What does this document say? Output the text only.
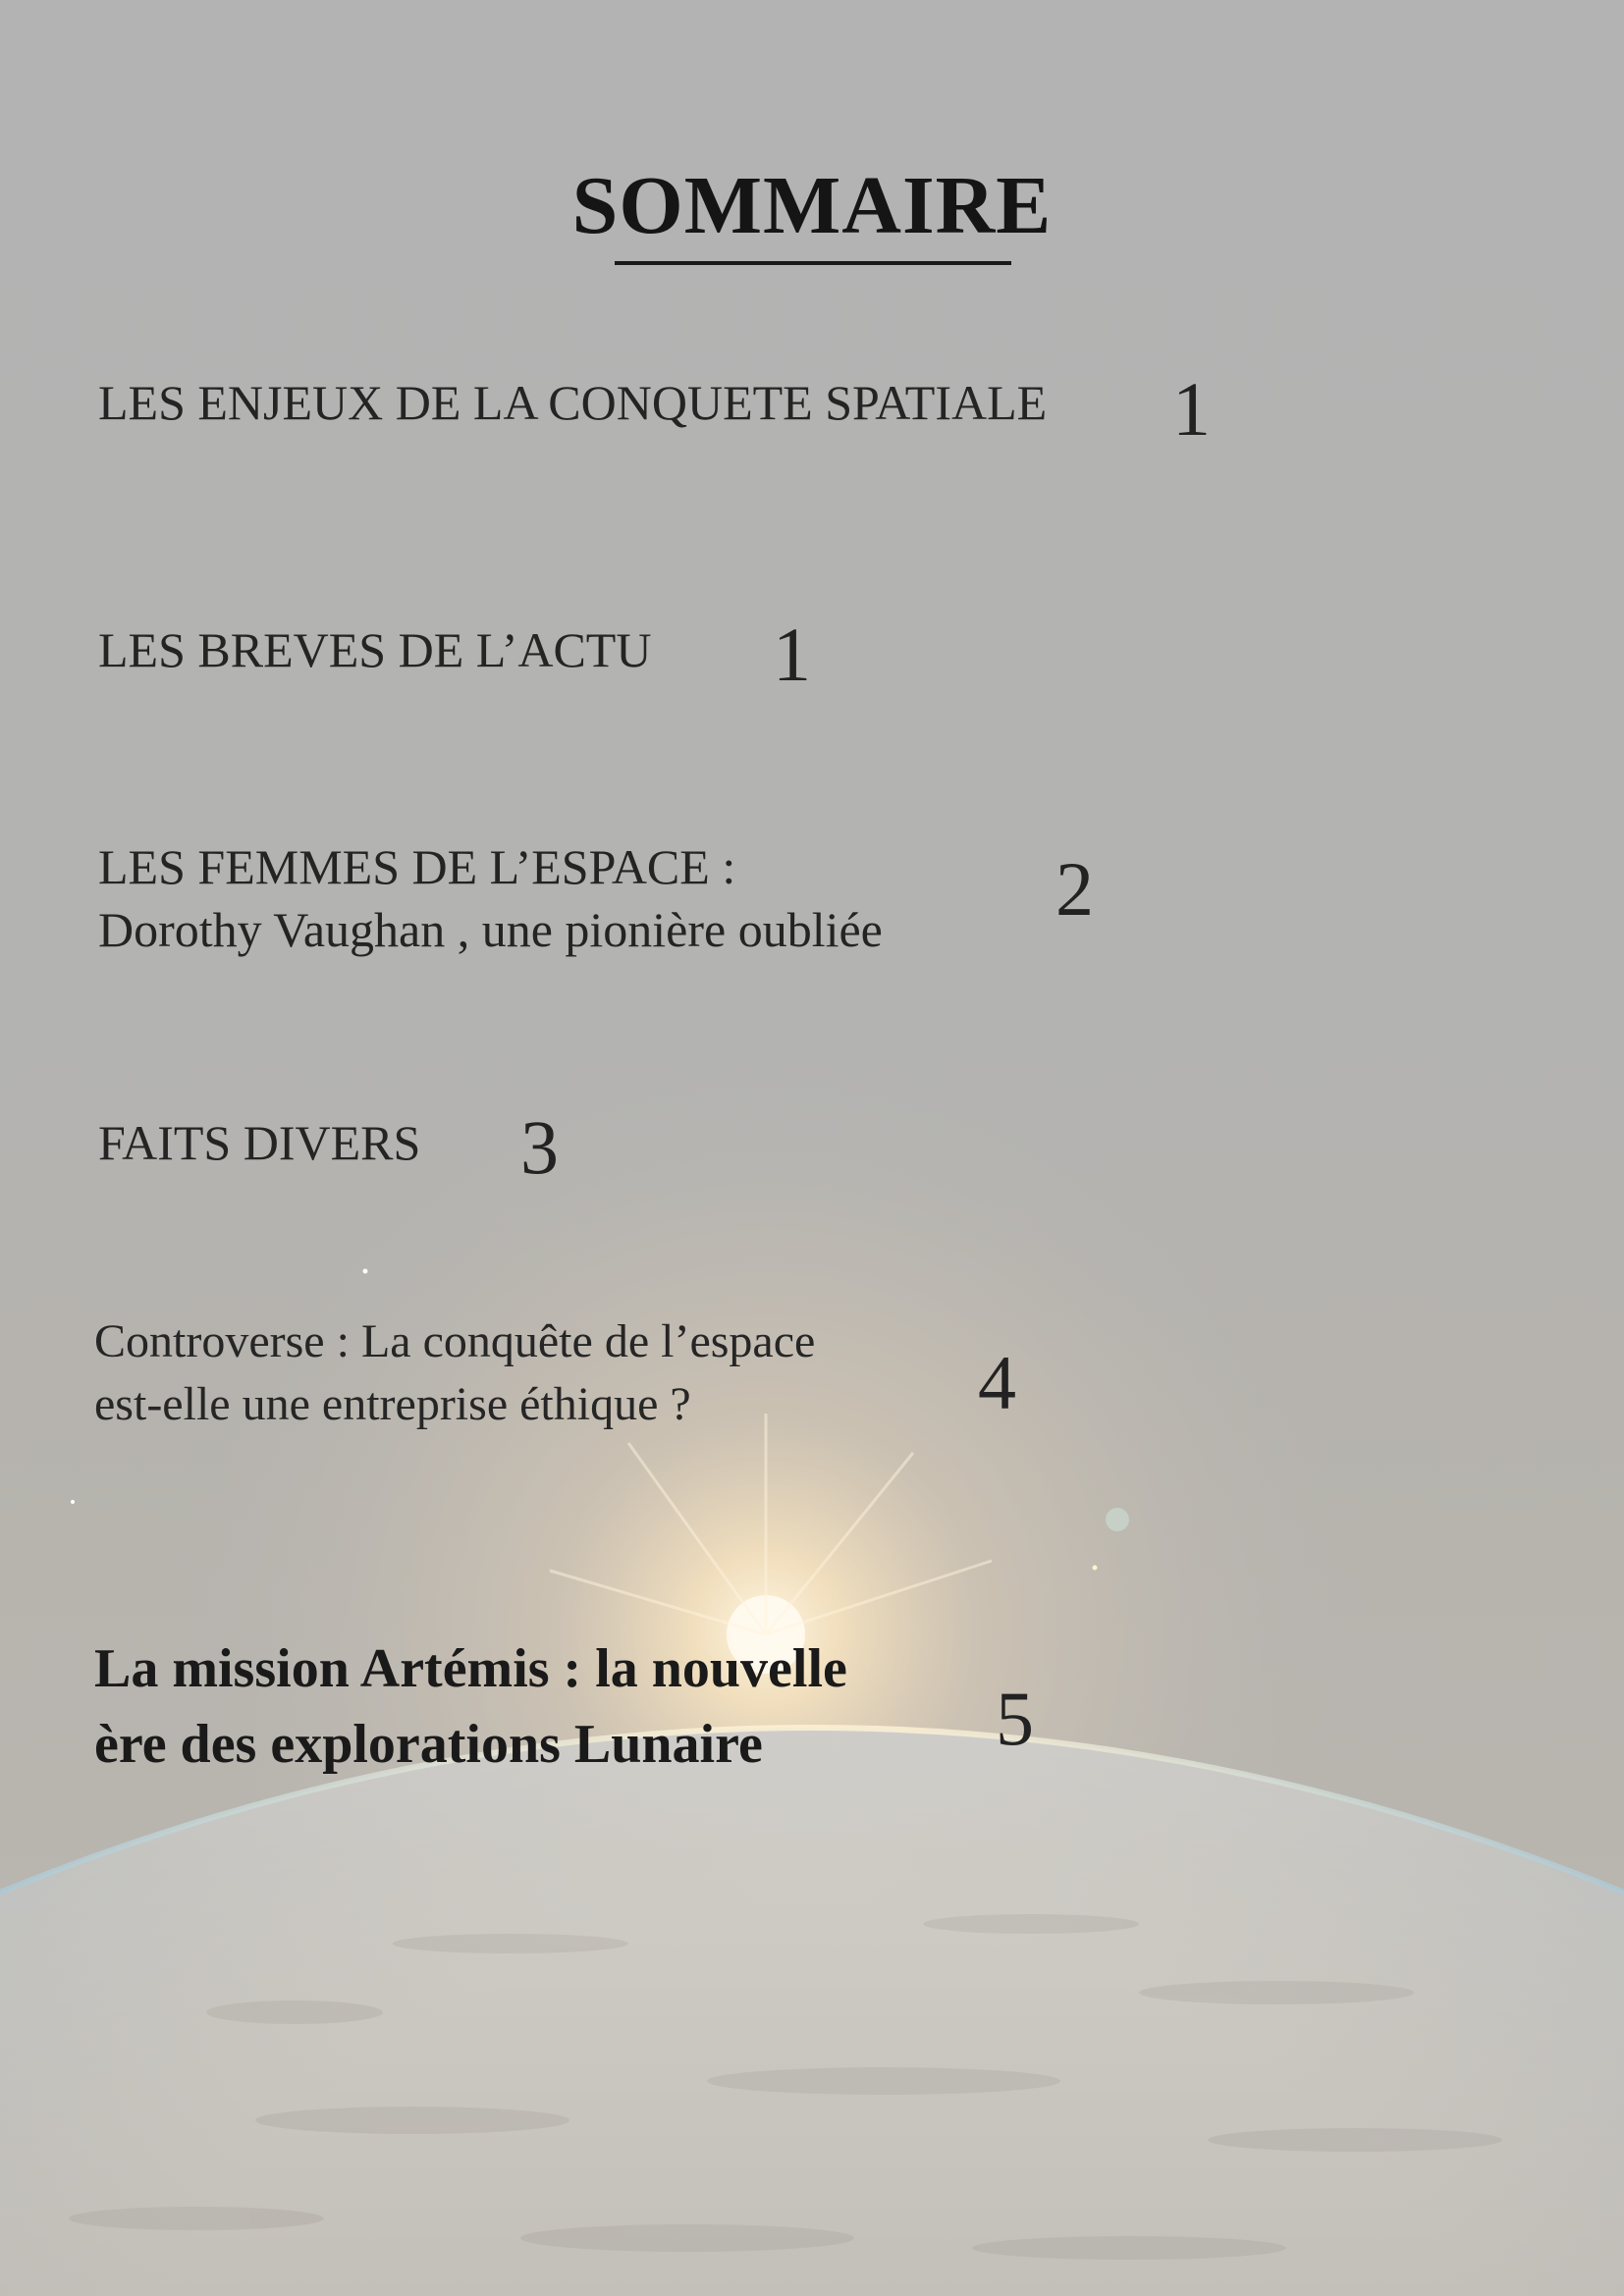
SOMMAIRE
LES ENJEUX DE LA CONQUETE SPATIALE 1
LES BREVES DE L’ACTU 1
LES FEMMES DE L’ESPACE :
Dorothy Vaughan , une pionière oubliée 2
FAITS DIVERS 3
Controverse : La conquête de l’espace
est-elle une entreprise éthique ?	4
La mission Artémis : la nouvelle
ère des explorations Lunaire	5
